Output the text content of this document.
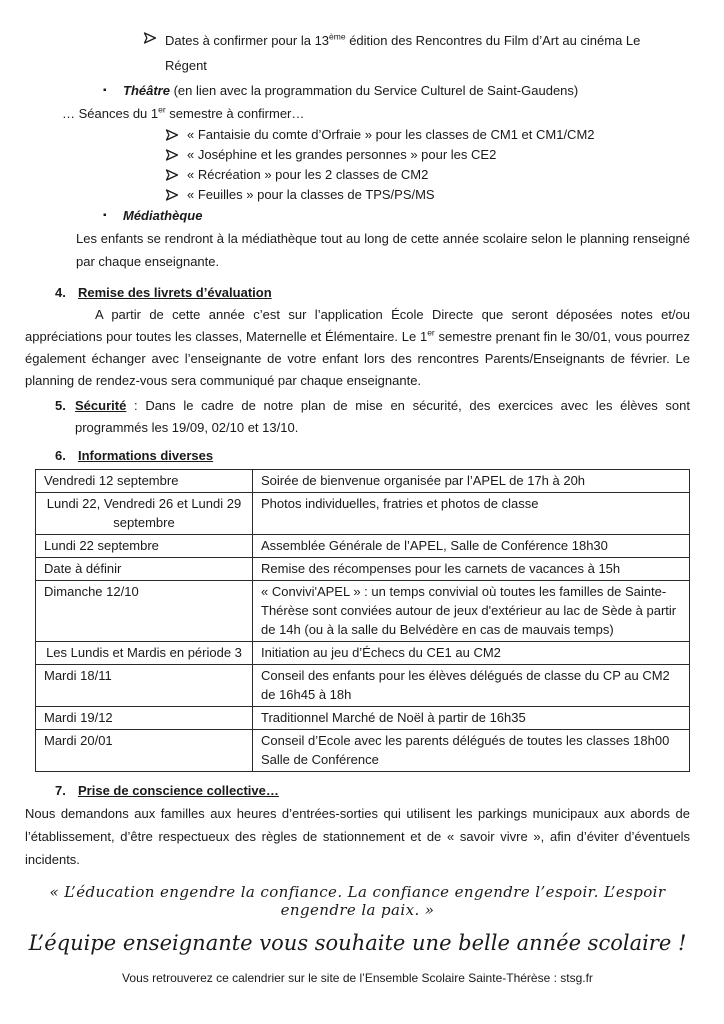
Dates à confirmer pour la 13ème édition des Rencontres du Film d’Art au cinéma Le Régent
▪	Théâtre (en lien avec la programmation du Service Culturel de Saint-Gaudens)
… Séances du 1er semestre à confirmer…
« Fantaisie du comte d’Orfraie » pour les classes de CM1 et CM1/CM2
« Joséphine et les grandes personnes » pour les CE2
« Récréation » pour les 2 classes de CM2
« Feuilles » pour la classes de TPS/PS/MS
▪	Médiathèque
Les enfants se rendront à la médiathèque tout au long de cette année scolaire selon le planning renseigné par chaque enseignante.
4. Remise des livrets d’évaluation
A partir de cette année c’est sur l’application École Directe que seront déposées notes et/ou appréciations pour toutes les classes, Maternelle et Élémentaire. Le 1er semestre prenant fin le 30/01, vous pourrez également échanger avec l’enseignante de votre enfant lors des rencontres Parents/Enseignants de février. Le planning de rendez-vous sera communiqué par chaque enseignante.
5. Sécurité : Dans le cadre de notre plan de mise en sécurité, des exercices avec les élèves sont programmés les 19/09, 02/10 et 13/10.
6. Informations diverses
Vendredi 12 septembre	Soirée de bienvenue organisée par l’APEL de 17h à 20h
Lundi 22, Vendredi 26 et Lundi 29 septembre	Photos individuelles, fratries et photos de classe
Lundi 22 septembre	Assemblée Générale de l’APEL, Salle de Conférence 18h30
Date à définir	Remise des récompenses pour les carnets de vacances à 15h
Dimanche 12/10	« Convivi'APEL » : un temps convivial où toutes les familles de Sainte-Thérèse sont conviées autour de jeux d'extérieur au lac de Sède à partir de 14h (ou à la salle du Belvédère en cas de mauvais temps)
Les Lundis et Mardis en période 3	Initiation au jeu d’Échecs du CE1 au CM2
Mardi 18/11	Conseil des enfants pour les élèves délégués de classe du CP au CM2 de 16h45 à 18h
Mardi 19/12	Traditionnel Marché de Noël à partir de 16h35
Mardi 20/01	Conseil d’Ecole avec les parents délégués de toutes les classes 18h00 Salle de Conférence
7. Prise de conscience collective…
Nous demandons aux familles aux heures d’entrées-sorties qui utilisent les parkings municipaux aux abords de l’établissement, d’être respectueux des règles de stationnement et de « savoir vivre », afin d’éviter d’éventuels incidents.
« L’éducation engendre la confiance. La confiance engendre l’espoir. L’espoir engendre la paix. »
L’équipe enseignante vous souhaite une belle année scolaire !
Vous retrouverez ce calendrier sur le site de l’Ensemble Scolaire Sainte-Thérèse : stsg.fr
